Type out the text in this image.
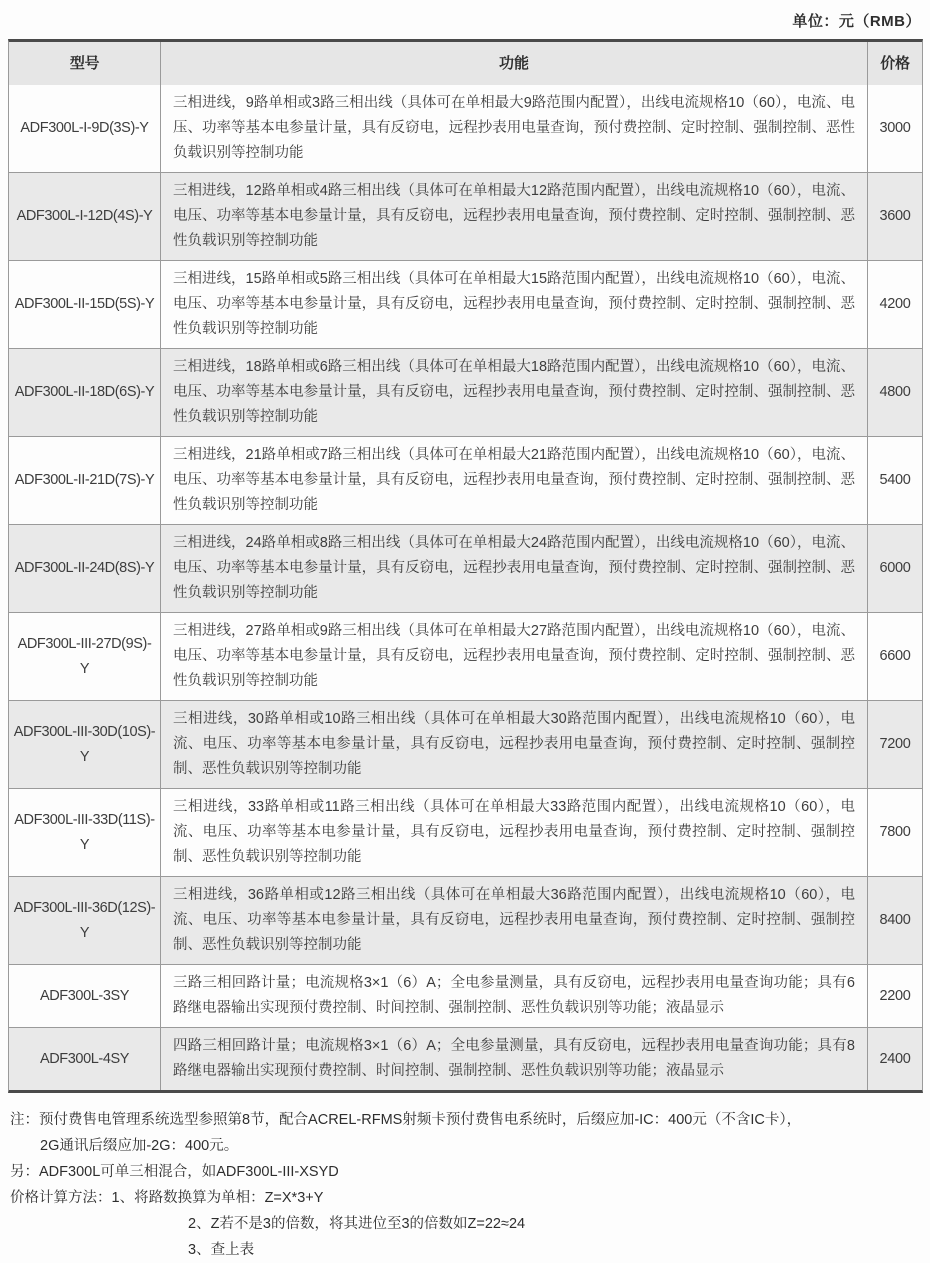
单位：元（RMB）
型号	功能	价格
ADF300L-I-9D(3S)-Y
三相进线，9路单相或3路三相出线（具体可在单相最大9路范围内配置），出线电流规格10（60），电流、电压、功率等基本电参量计量，具有反窃电，远程抄表用电量查询，预付费控制、定时控制、强制控制、恶性负载识别等控制功能
3000
ADF300L-I-12D(4S)-Y
三相进线，12路单相或4路三相出线（具体可在单相最大12路范围内配置），出线电流规格10（60），电流、电压、功率等基本电参量计量，具有反窃电，远程抄表用电量查询，预付费控制、定时控制、强制控制、恶性负载识别等控制功能
3600
ADF300L-II-15D(5S)-Y
三相进线，15路单相或5路三相出线（具体可在单相最大15路范围内配置），出线电流规格10（60），电流、电压、功率等基本电参量计量，具有反窃电，远程抄表用电量查询，预付费控制、定时控制、强制控制、恶性负载识别等控制功能
4200
ADF300L-II-18D(6S)-Y
三相进线，18路单相或6路三相出线（具体可在单相最大18路范围内配置），出线电流规格10（60），电流、电压、功率等基本电参量计量，具有反窃电，远程抄表用电量查询，预付费控制、定时控制、强制控制、恶性负载识别等控制功能
4800
ADF300L-II-21D(7S)-Y
三相进线，21路单相或7路三相出线（具体可在单相最大21路范围内配置），出线电流规格10（60），电流、电压、功率等基本电参量计量，具有反窃电，远程抄表用电量查询，预付费控制、定时控制、强制控制、恶性负载识别等控制功能
5400
ADF300L-II-24D(8S)-Y
三相进线，24路单相或8路三相出线（具体可在单相最大24路范围内配置），出线电流规格10（60），电流、电压、功率等基本电参量计量，具有反窃电，远程抄表用电量查询，预付费控制、定时控制、强制控制、恶性负载识别等控制功能
6000
ADF300L-III-27D(9S)-Y
三相进线，27路单相或9路三相出线（具体可在单相最大27路范围内配置），出线电流规格10（60），电流、电压、功率等基本电参量计量，具有反窃电，远程抄表用电量查询，预付费控制、定时控制、强制控制、恶性负载识别等控制功能
6600
ADF300L-III-30D(10S)-Y
三相进线，30路单相或10路三相出线（具体可在单相最大30路范围内配置），出线电流规格10（60），电流、电压、功率等基本电参量计量，具有反窃电，远程抄表用电量查询，预付费控制、定时控制、强制控制、恶性负载识别等控制功能
7200
ADF300L-III-33D(11S)-Y
三相进线，33路单相或11路三相出线（具体可在单相最大33路范围内配置），出线电流规格10（60），电流、电压、功率等基本电参量计量，具有反窃电，远程抄表用电量查询，预付费控制、定时控制、强制控制、恶性负载识别等控制功能
7800
ADF300L-III-36D(12S)-Y
三相进线，36路单相或12路三相出线（具体可在单相最大36路范围内配置），出线电流规格10（60），电流、电压、功率等基本电参量计量，具有反窃电，远程抄表用电量查询，预付费控制、定时控制、强制控制、恶性负载识别等控制功能
8400
ADF300L-3SY
三路三相回路计量；电流规格3×1（6）A；全电参量测量，具有反窃电，远程抄表用电量查询功能；具有6路继电器输出实现预付费控制、时间控制、强制控制、恶性负载识别等功能；液晶显示
2200
ADF300L-4SY
四路三相回路计量；电流规格3×1（6）A；全电参量测量，具有反窃电，远程抄表用电量查询功能；具有8路继电器输出实现预付费控制、时间控制、强制控制、恶性负载识别等功能；液晶显示
2400
注：预付费售电管理系统选型参照第8节，配合ACREL-RFMS射频卡预付费售电系统时，后缀应加-IC：400元（不含IC卡），
2G通讯后缀应加-2G：400元。
另：ADF300L可单三相混合，如ADF300L-III-XSYD
价格计算方法：1、将路数换算为单相：Z=X*3+Y
2、Z若不是3的倍数，将其进位至3的倍数如Z=22≈24
3、查上表
